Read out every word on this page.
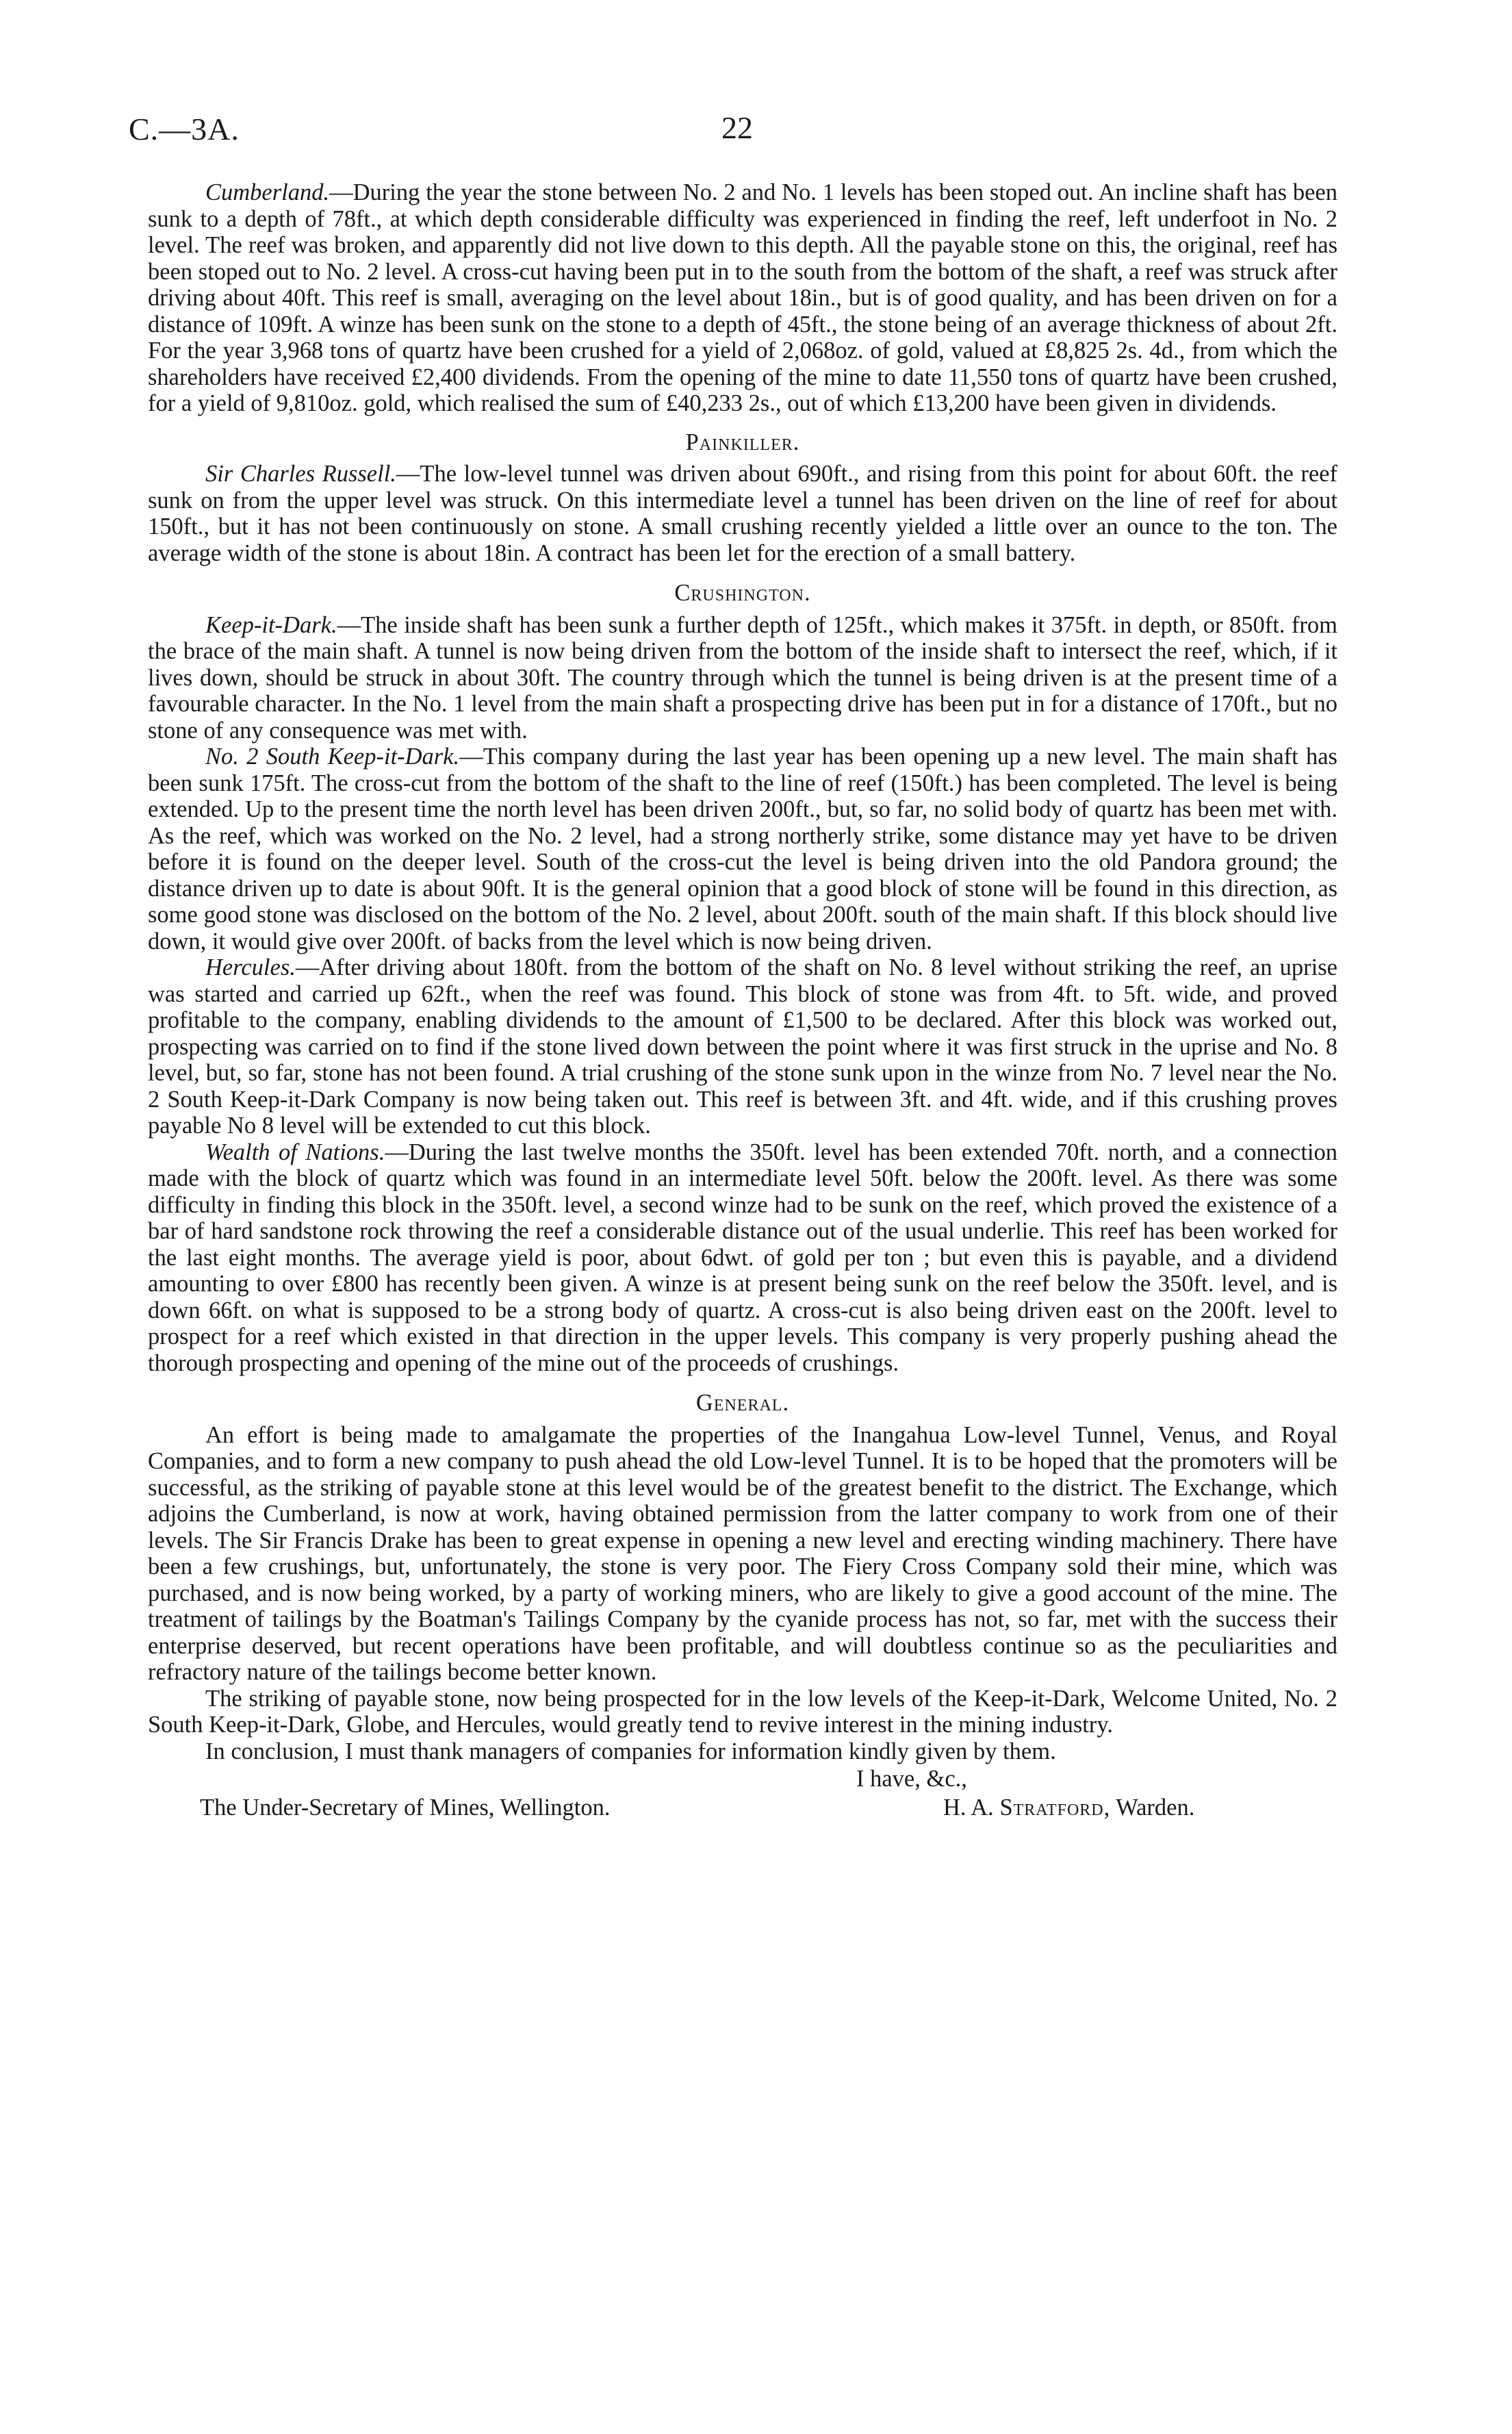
C.—3A.	22

Cumberland.—During the year the stone between No. 2 and No. 1 levels has been stoped out. An incline shaft has been sunk to a depth of 78ft., at which depth considerable difficulty was experienced in finding the reef, left underfoot in No. 2 level. The reef was broken, and apparently did not live down to this depth. All the payable stone on this, the original, reef has been stoped out to No. 2 level. A cross-cut having been put in to the south from the bottom of the shaft, a reef was struck after driving about 40ft. This reef is small, averaging on the level about 18in., but is of good quality, and has been driven on for a distance of 109ft. A winze has been sunk on the stone to a depth of 45ft., the stone being of an average thickness of about 2ft. For the year 3,968 tons of quartz have been crushed for a yield of 2,068oz. of gold, valued at £8,825 2s. 4d., from which the shareholders have received £2,400 dividends. From the opening of the mine to date 11,550 tons of quartz have been crushed, for a yield of 9,810oz. gold, which realised the sum of £40,233 2s., out of which £13,200 have been given in dividends.

Painkiller.

Sir Charles Russell.—The low-level tunnel was driven about 690ft., and rising from this point for about 60ft. the reef sunk on from the upper level was struck. On this intermediate level a tunnel has been driven on the line of reef for about 150ft., but it has not been continuously on stone. A small crushing recently yielded a little over an ounce to the ton. The average width of the stone is about 18in. A contract has been let for the erection of a small battery.

Crushington.

Keep-it-Dark.—The inside shaft has been sunk a further depth of 125ft., which makes it 375ft. in depth, or 850ft. from the brace of the main shaft. A tunnel is now being driven from the bottom of the inside shaft to intersect the reef, which, if it lives down, should be struck in about 30ft. The country through which the tunnel is being driven is at the present time of a favourable character. In the No. 1 level from the main shaft a prospecting drive has been put in for a distance of 170ft., but no stone of any consequence was met with.

No. 2 South Keep-it-Dark.—This company during the last year has been opening up a new level. The main shaft has been sunk 175ft. The cross-cut from the bottom of the shaft to the line of reef (150ft.) has been completed. The level is being extended. Up to the present time the north level has been driven 200ft., but, so far, no solid body of quartz has been met with. As the reef, which was worked on the No. 2 level, had a strong northerly strike, some distance may yet have to be driven before it is found on the deeper level. South of the cross-cut the level is being driven into the old Pandora ground; the distance driven up to date is about 90ft. It is the general opinion that a good block of stone will be found in this direction, as some good stone was disclosed on the bottom of the No. 2 level, about 200ft. south of the main shaft. If this block should live down, it would give over 200ft. of backs from the level which is now being driven.

Hercules.—After driving about 180ft. from the bottom of the shaft on No. 8 level without striking the reef, an uprise was started and carried up 62ft., when the reef was found. This block of stone was from 4ft. to 5ft. wide, and proved profitable to the company, enabling dividends to the amount of £1,500 to be declared. After this block was worked out, prospecting was carried on to find if the stone lived down between the point where it was first struck in the uprise and No. 8 level, but, so far, stone has not been found. A trial crushing of the stone sunk upon in the winze from No. 7 level near the No. 2 South Keep-it-Dark Company is now being taken out. This reef is between 3ft. and 4ft. wide, and if this crushing proves payable No 8 level will be extended to cut this block.

Wealth of Nations.—During the last twelve months the 350ft. level has been extended 70ft. north, and a connection made with the block of quartz which was found in an intermediate level 50ft. below the 200ft. level. As there was some difficulty in finding this block in the 350ft. level, a second winze had to be sunk on the reef, which proved the existence of a bar of hard sandstone rock throwing the reef a considerable distance out of the usual underlie. This reef has been worked for the last eight months. The average yield is poor, about 6dwt. of gold per ton ; but even this is payable, and a dividend amounting to over £800 has recently been given. A winze is at present being sunk on the reef below the 350ft. level, and is down 66ft. on what is supposed to be a strong body of quartz. A cross-cut is also being driven east on the 200ft. level to prospect for a reef which existed in that direction in the upper levels. This company is very properly pushing ahead the thorough prospecting and opening of the mine out of the proceeds of crushings.

General.

An effort is being made to amalgamate the properties of the Inangahua Low-level Tunnel, Venus, and Royal Companies, and to form a new company to push ahead the old Low-level Tunnel. It is to be hoped that the promoters will be successful, as the striking of payable stone at this level would be of the greatest benefit to the district. The Exchange, which adjoins the Cumberland, is now at work, having obtained permission from the latter company to work from one of their levels. The Sir Francis Drake has been to great expense in opening a new level and erecting winding machinery. There have been a few crushings, but, unfortunately, the stone is very poor. The Fiery Cross Company sold their mine, which was purchased, and is now being worked, by a party of working miners, who are likely to give a good account of the mine. The treatment of tailings by the Boatman's Tailings Company by the cyanide process has not, so far, met with the success their enterprise deserved, but recent operations have been profitable, and will doubtless continue so as the peculiarities and refractory nature of the tailings become better known.

The striking of payable stone, now being prospected for in the low levels of the Keep-it-Dark, Welcome United, No. 2 South Keep-it-Dark, Globe, and Hercules, would greatly tend to revive interest in the mining industry.

In conclusion, I must thank managers of companies for information kindly given by them.

I have, &c.,
The Under-Secretary of Mines, Wellington.	H. A. Stratford, Warden.
